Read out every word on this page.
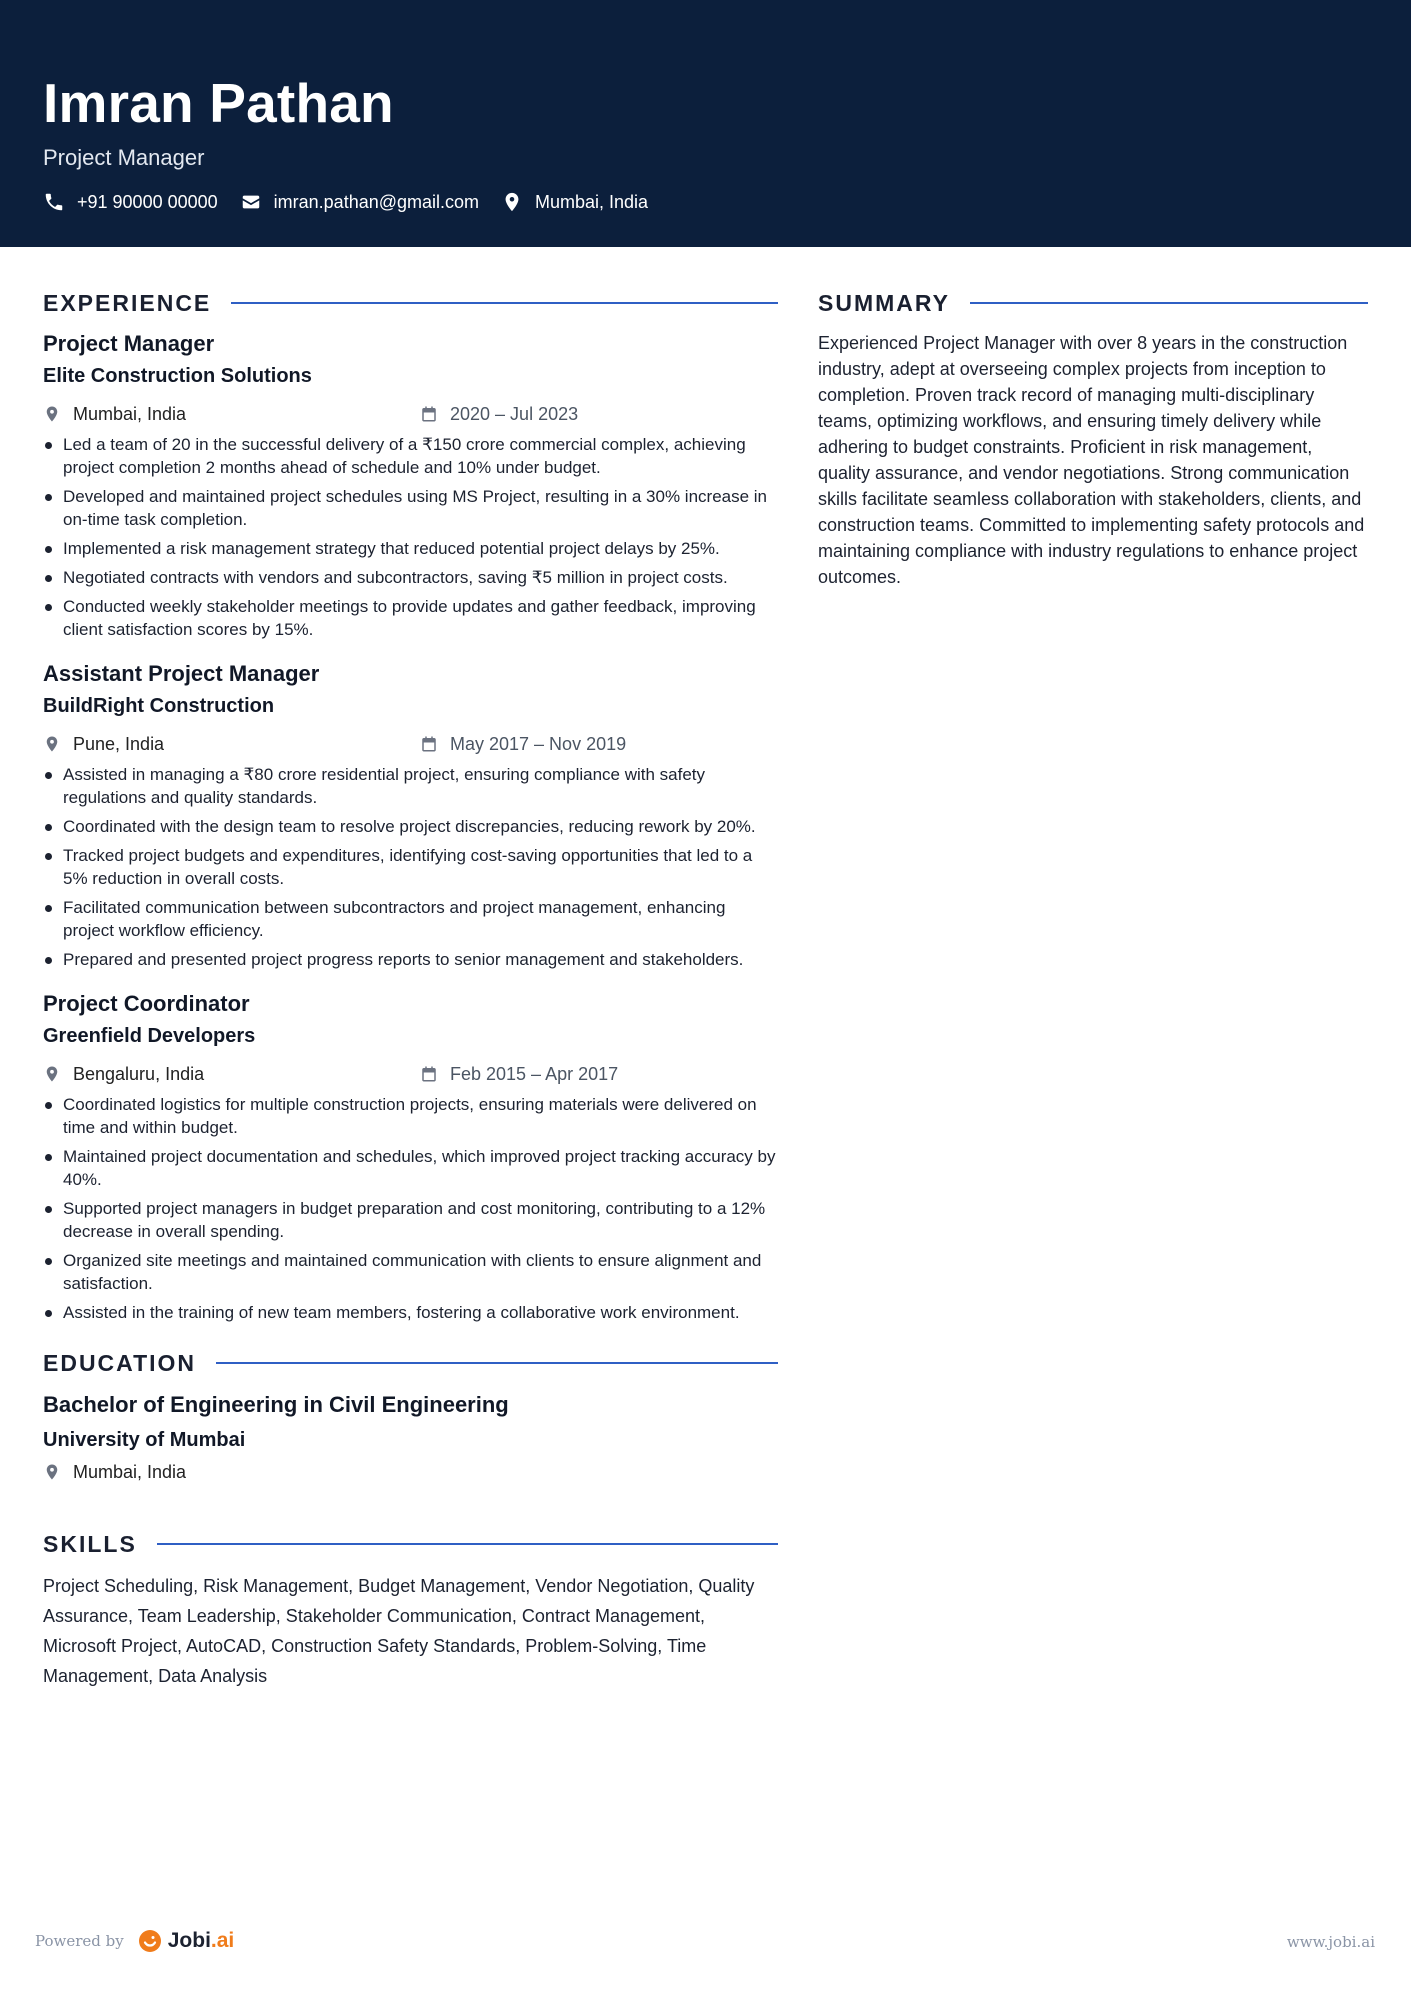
Imran Pathan
Project Manager
+91 90000 00000	imran.pathan@gmail.com	Mumbai, India
EXPERIENCE
Project Manager
Elite Construction Solutions
Mumbai, India	2020 – Jul 2023
Led a team of 20 in the successful delivery of a ₹150 crore commercial complex, achieving project completion 2 months ahead of schedule and 10% under budget.
Developed and maintained project schedules using MS Project, resulting in a 30% increase in on-time task completion.
Implemented a risk management strategy that reduced potential project delays by 25%.
Negotiated contracts with vendors and subcontractors, saving ₹5 million in project costs.
Conducted weekly stakeholder meetings to provide updates and gather feedback, improving client satisfaction scores by 15%.
Assistant Project Manager
BuildRight Construction
Pune, India	May 2017 – Nov 2019
Assisted in managing a ₹80 crore residential project, ensuring compliance with safety regulations and quality standards.
Coordinated with the design team to resolve project discrepancies, reducing rework by 20%.
Tracked project budgets and expenditures, identifying cost-saving opportunities that led to a 5% reduction in overall costs.
Facilitated communication between subcontractors and project management, enhancing project workflow efficiency.
Prepared and presented project progress reports to senior management and stakeholders.
Project Coordinator
Greenfield Developers
Bengaluru, India	Feb 2015 – Apr 2017
Coordinated logistics for multiple construction projects, ensuring materials were delivered on time and within budget.
Maintained project documentation and schedules, which improved project tracking accuracy by 40%.
Supported project managers in budget preparation and cost monitoring, contributing to a 12% decrease in overall spending.
Organized site meetings and maintained communication with clients to ensure alignment and satisfaction.
Assisted in the training of new team members, fostering a collaborative work environment.
EDUCATION
Bachelor of Engineering in Civil Engineering
University of Mumbai
Mumbai, India
SKILLS
Project Scheduling, Risk Management, Budget Management, Vendor Negotiation, Quality Assurance, Team Leadership, Stakeholder Communication, Contract Management, Microsoft Project, AutoCAD, Construction Safety Standards, Problem-Solving, Time Management, Data Analysis
SUMMARY
Experienced Project Manager with over 8 years in the construction industry, adept at overseeing complex projects from inception to completion. Proven track record of managing multi-disciplinary teams, optimizing workflows, and ensuring timely delivery while adhering to budget constraints. Proficient in risk management, quality assurance, and vendor negotiations. Strong communication skills facilitate seamless collaboration with stakeholders, clients, and construction teams. Committed to implementing safety protocols and maintaining compliance with industry regulations to enhance project outcomes.
Powered by Jobi.ai	www.jobi.ai
